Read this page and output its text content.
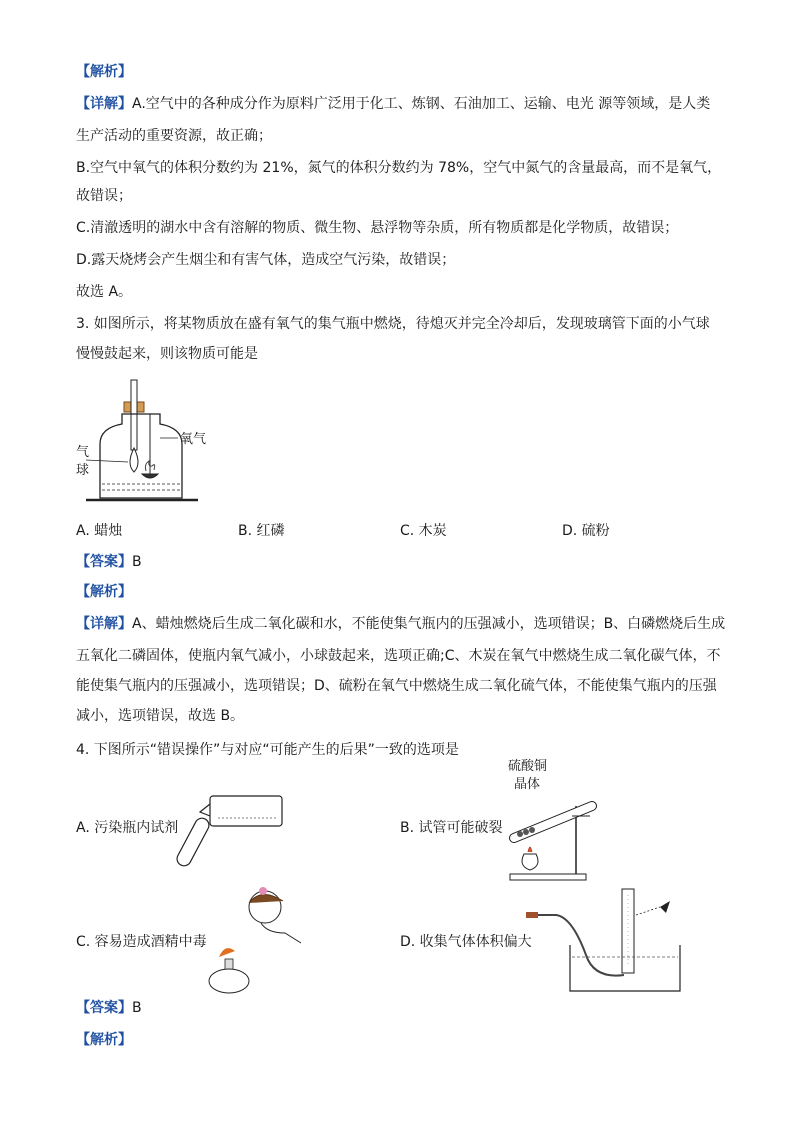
【解析】
【详解】A.空气中的各种成分作为原料广泛用于化工、炼钢、石油加工、运输、电光 源等领域，是人类
生产活动的重要资源，故正确；
B.空气中氧气的体积分数约为 21%，氮气的体积分数约为 78%，空气中氮气的含量最高，而不是氧气，
故错误；
C.清澈透明的湖水中含有溶解的物质、微生物、悬浮物等杂质，所有物质都是化学物质，故错误；
D.露天烧烤会产生烟尘和有害气体，造成空气污染，故错误；
故选 A。
3. 如图所示，将某物质放在盛有氧气的集气瓶中燃烧，待熄灭并完全冷却后，发现玻璃管下面的小气球
慢慢鼓起来，则该物质可能是
气
球
氧气
A. 蜡烛	B. 红磷	C. 木炭	D. 硫粉
【答案】B
【解析】
【详解】A、蜡烛燃烧后生成二氧化碳和水，不能使集气瓶内的压强减小，选项错误；B、白磷燃烧后生成
五氧化二磷固体，使瓶内氧气减小，小球鼓起来，选项正确;C、木炭在氧气中燃烧生成二氧化碳气体，不
能使集气瓶内的压强减小，选项错误；D、硫粉在氧气中燃烧生成二氧化硫气体，不能使集气瓶内的压强
减小，选项错误，故选 B。
4. 下图所示“错误操作”与对应“可能产生的后果”一致的选项是
A. 污染瓶内试剂
硫酸铜
晶体
B. 试管可能破裂
C. 容易造成酒精中毒	D. 收集气体体积偏大
【答案】B
【解析】
